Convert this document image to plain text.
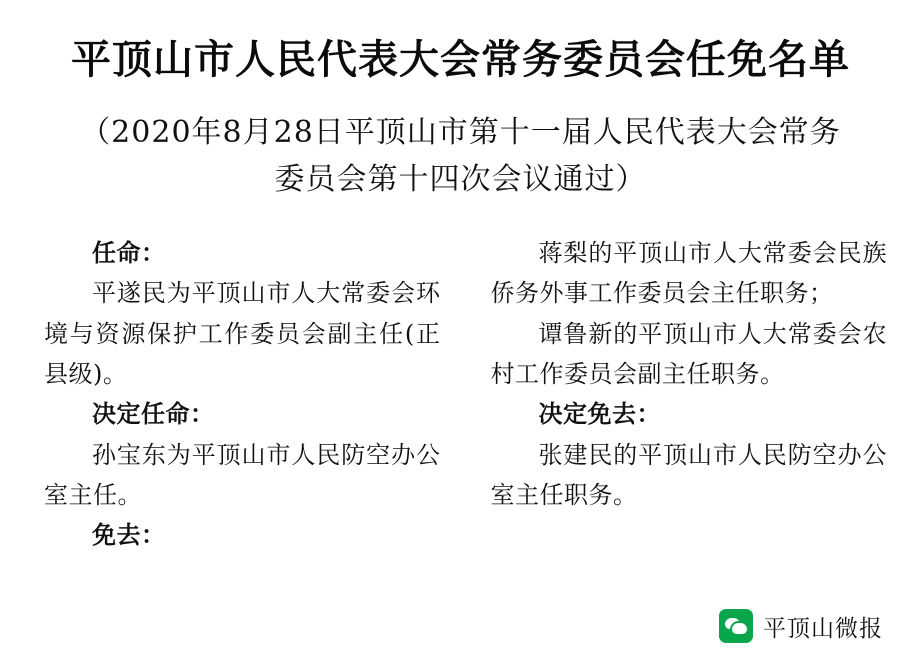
平顶山市人民代表大会常务委员会任免名单
（2020年8月28日平顶山市第十一届人民代表大会常务委员会第十四次会议通过）

任命：

平遂民为平顶山市人大常委会环境与资源保护工作委员会副主任(正县级)。

决定任命：

孙宝东为平顶山市人民防空办公室主任。

免去：

蒋梨的平顶山市人大常委会民族侨务外事工作委员会主任职务；

谭鲁新的平顶山市人大常委会农村工作委员会副主任职务。

决定免去：

张建民的平顶山市人民防空办公室主任职务。

平顶山微报
